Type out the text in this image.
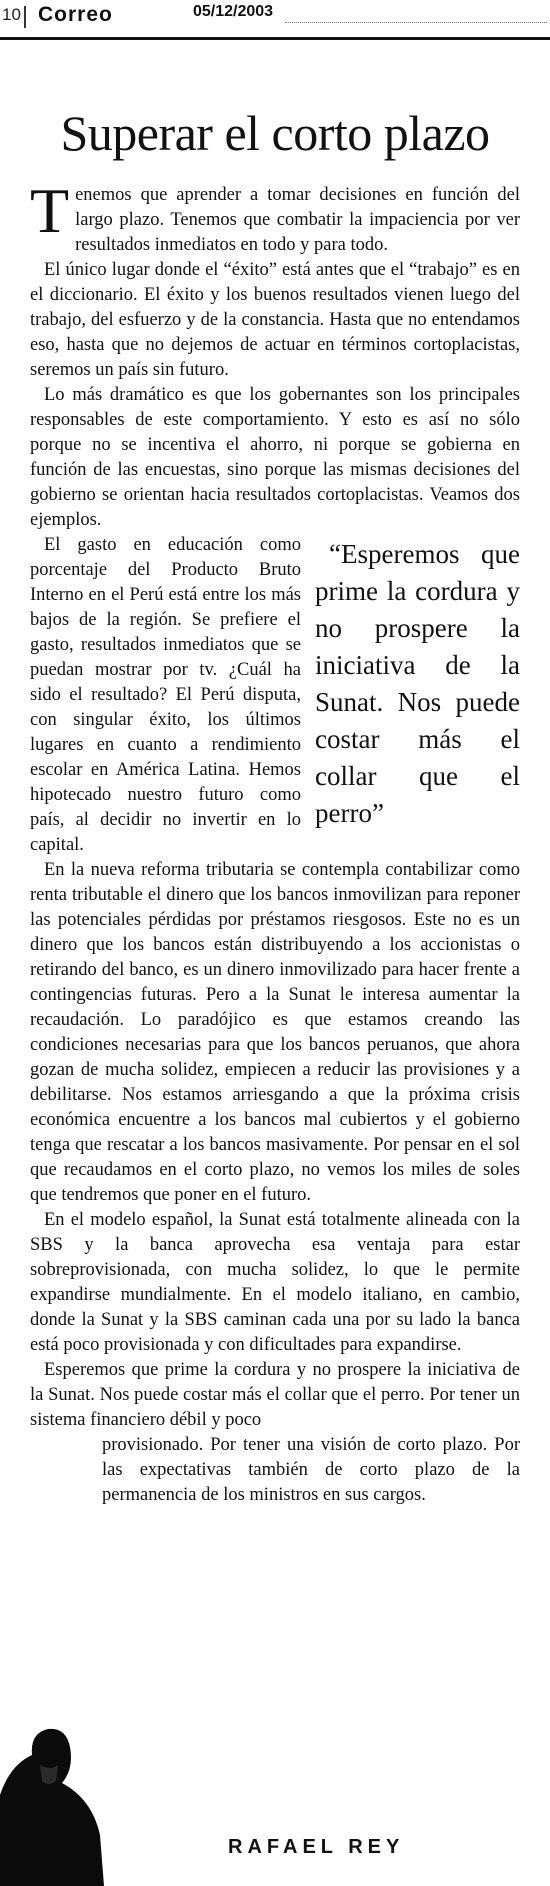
10 Correo	05/12/2003
Superar el corto plazo

Tenemos que aprender a tomar decisiones en función del largo plazo. Tenemos que combatir la impaciencia por ver resultados inmediatos en todo y para todo.

El único lugar donde el “éxito” está antes que el “trabajo” es en el diccionario. El éxito y los buenos resultados vienen luego del trabajo, del esfuerzo y de la constancia. Hasta que no entendamos eso, hasta que no dejemos de actuar en términos cortoplacistas, seremos un país sin futuro.

Lo más dramático es que los gobernantes son los principales responsables de este comportamiento. Y esto es así no sólo porque no se incentiva el ahorro, ni porque se gobierna en función de las encuestas, sino porque las mismas decisiones del gobierno se orientan hacia resultados cortoplacistas. Veamos dos ejemplos.

“Esperemos que prime la cordura y no prospere la iniciativa de la Sunat. Nos puede costar más el collar que el perro”
El gasto en educación como porcentaje del Producto Bruto Interno en el Perú está entre los más bajos de la región. Se prefiere el gasto, resultados inmediatos que se puedan mostrar por tv. ¿Cuál ha sido el resultado? El Perú disputa, con singular éxito, los últimos lugares en cuanto a rendimiento escolar en América Latina. Hemos hipotecado nuestro futuro como país, al decidir no invertir en lo capital.

En la nueva reforma tributaria se contempla contabilizar como renta tributable el dinero que los bancos inmovilizan para reponer las potenciales pérdidas por préstamos riesgosos. Este no es un dinero que los bancos están distribuyendo a los accionistas o retirando del banco, es un dinero inmovilizado para hacer frente a contingencias futuras. Pero a la Sunat le interesa aumentar la recaudación. Lo paradójico es que estamos creando las condiciones necesarias para que los bancos peruanos, que ahora gozan de mucha solidez, empiecen a reducir las provisiones y a debilitarse. Nos estamos arriesgando a que la próxima crisis económica encuentre a los bancos mal cubiertos y el gobierno tenga que rescatar a los bancos masivamente. Por pensar en el sol que recaudamos en el corto plazo, no vemos los miles de soles que tendremos que poner en el futuro.

En el modelo español, la Sunat está totalmente alineada con la SBS y la banca aprovecha esa ventaja para estar sobreprovisionada, con mucha solidez, lo que le permite expandirse mundialmente. En el modelo italiano, en cambio, donde la Sunat y la SBS caminan cada una por su lado la banca está poco provisionada y con dificultades para expandirse.

Esperemos que prime la cordura y no prospere la iniciativa de la Sunat. Nos puede costar más el collar que el perro. Por tener un sistema financiero débil y poco

provisionado. Por tener una visión de corto plazo. Por las expectativas también de corto plazo de la permanencia de los ministros en sus cargos.

RAFAEL REY
